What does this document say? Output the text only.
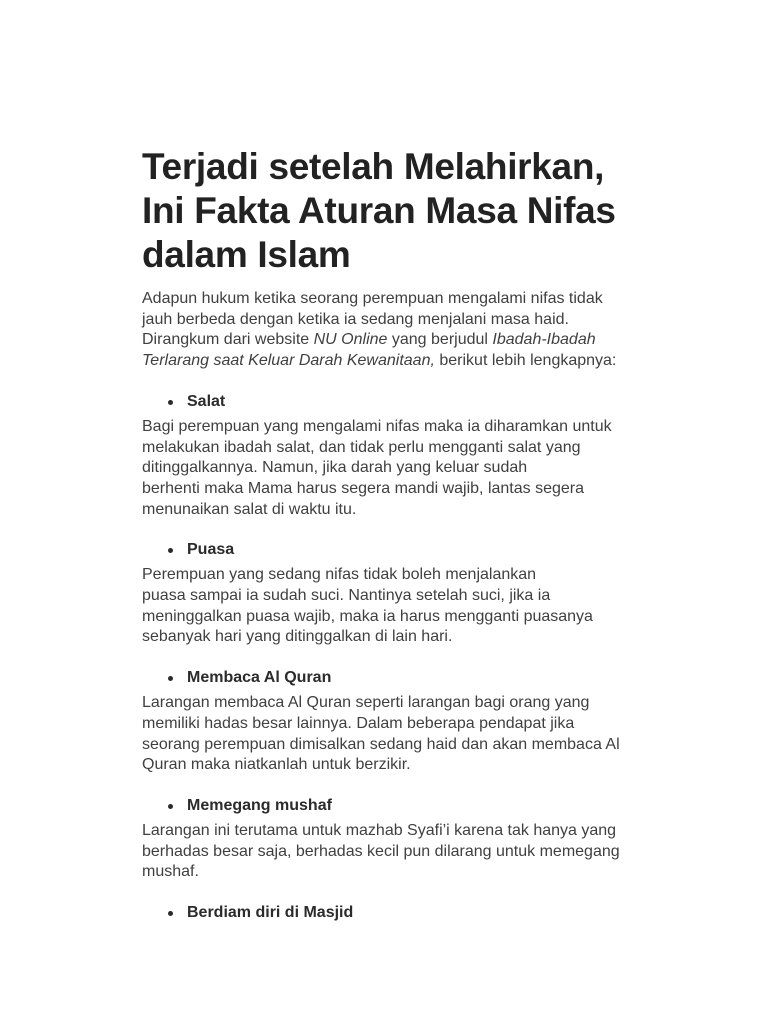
Terjadi setelah Melahirkan,
Ini Fakta Aturan Masa Nifas
dalam Islam

Adapun hukum ketika seorang perempuan mengalami nifas tidak
jauh berbeda dengan ketika ia sedang menjalani masa haid.
Dirangkum dari website NU Online yang berjudul Ibadah-Ibadah
Terlarang saat Keluar Darah Kewanitaan, berikut lebih lengkapnya:

Salat

Bagi perempuan yang mengalami nifas maka ia diharamkan untuk
melakukan ibadah salat, dan tidak perlu mengganti salat yang
ditinggalkannya. Namun, jika darah yang keluar sudah
berhenti maka Mama harus segera mandi wajib, lantas segera
menunaikan salat di waktu itu.

Puasa

Perempuan yang sedang nifas tidak boleh menjalankan
puasa sampai ia sudah suci. Nantinya setelah suci, jika ia
meninggalkan puasa wajib, maka ia harus mengganti puasanya
sebanyak hari yang ditinggalkan di lain hari.

Membaca Al Quran

Larangan membaca Al Quran seperti larangan bagi orang yang
memiliki hadas besar lainnya. Dalam beberapa pendapat jika
seorang perempuan dimisalkan sedang haid dan akan membaca Al
Quran maka niatkanlah untuk berzikir.

Memegang mushaf

Larangan ini terutama untuk mazhab Syafi’i karena tak hanya yang
berhadas besar saja, berhadas kecil pun dilarang untuk memegang
mushaf.

Berdiam diri di Masjid
